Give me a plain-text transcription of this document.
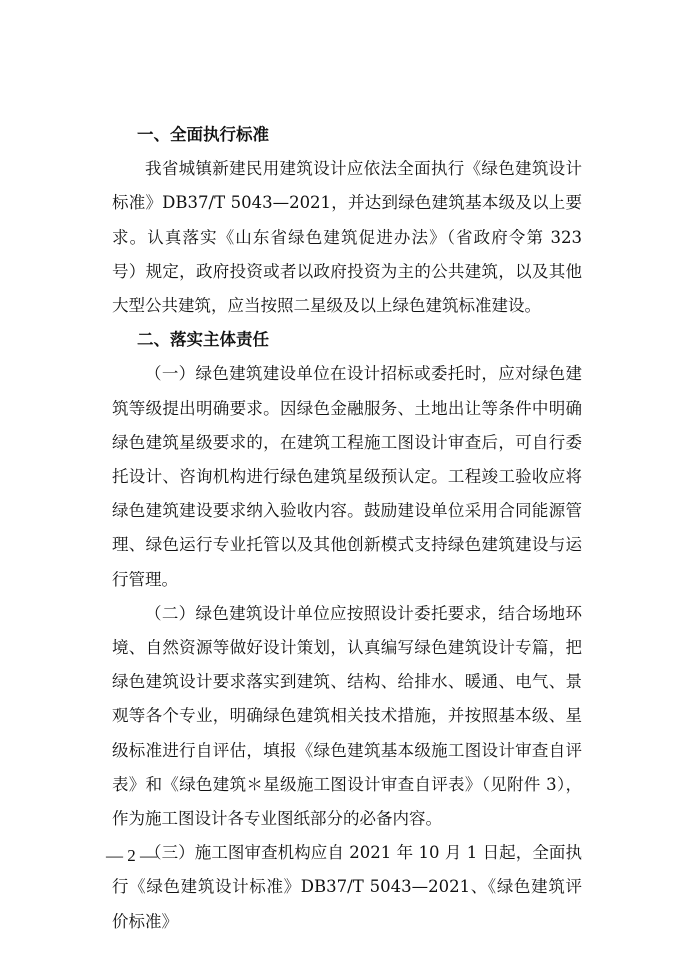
一、全面执行标准

我省城镇新建民用建筑设计应依法全面执行《绿色建筑设计标准》DB37/T 5043—2021，并达到绿色建筑基本级及以上要求。认真落实《山东省绿色建筑促进办法》（省政府令第 323 号）规定，政府投资或者以政府投资为主的公共建筑，以及其他大型公共建筑，应当按照二星级及以上绿色建筑标准建设。

二、落实主体责任

（一）绿色建筑建设单位在设计招标或委托时，应对绿色建筑等级提出明确要求。因绿色金融服务、土地出让等条件中明确绿色建筑星级要求的，在建筑工程施工图设计审查后，可自行委托设计、咨询机构进行绿色建筑星级预认定。工程竣工验收应将绿色建筑建设要求纳入验收内容。鼓励建设单位采用合同能源管理、绿色运行专业托管以及其他创新模式支持绿色建筑建设与运行管理。

（二）绿色建筑设计单位应按照设计委托要求，结合场地环境、自然资源等做好设计策划，认真编写绿色建筑设计专篇，把绿色建筑设计要求落实到建筑、结构、给排水、暖通、电气、景观等各个专业，明确绿色建筑相关技术措施，并按照基本级、星级标准进行自评估，填报《绿色建筑基本级施工图设计审查自评表》和《绿色建筑＊星级施工图设计审查自评表》（见附件 3），作为施工图设计各专业图纸部分的必备内容。

（三）施工图审查机构应自 2021 年 10 月 1 日起，全面执行《绿色建筑设计标准》DB37/T 5043—2021、《绿色建筑评价标准》

— 2 —
